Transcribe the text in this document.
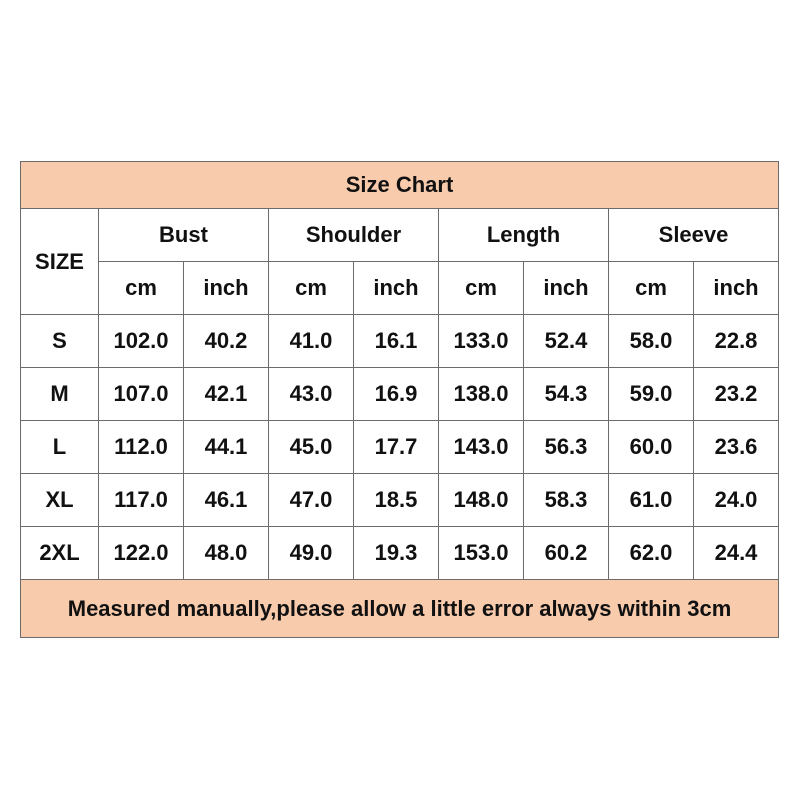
Size Chart								
SIZE	Bust		Shoulder		Length		Sleeve	
	cm	inch	cm	inch	cm	inch	cm	inch
S	102.0	40.2	41.0	16.1	133.0	52.4	58.0	22.8
M	107.0	42.1	43.0	16.9	138.0	54.3	59.0	23.2
L	112.0	44.1	45.0	17.7	143.0	56.3	60.0	23.6
XL	117.0	46.1	47.0	18.5	148.0	58.3	61.0	24.0
2XL	122.0	48.0	49.0	19.3	153.0	60.2	62.0	24.4
Measured manually,please allow a little error always within 3cm								
